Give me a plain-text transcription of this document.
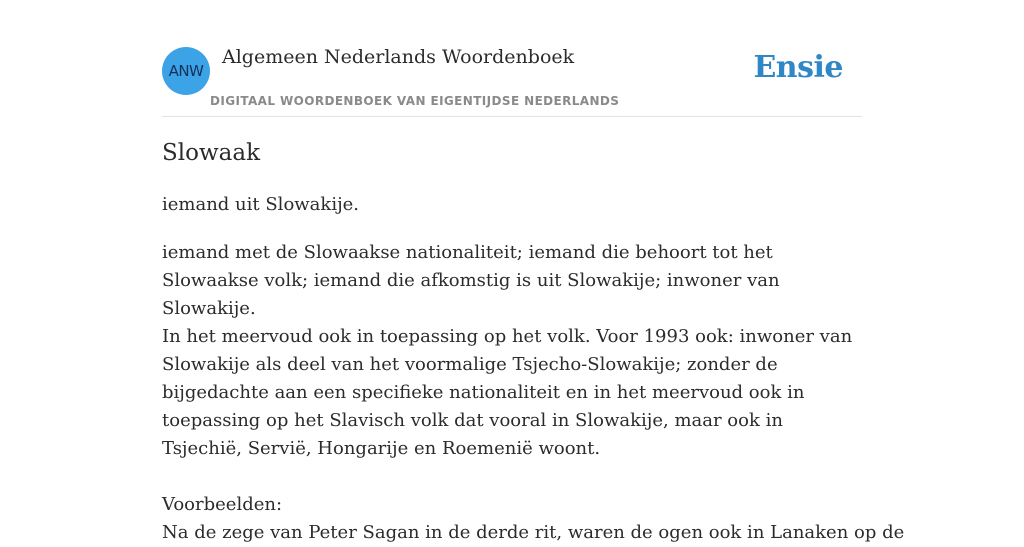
ANW
Algemeen Nederlands Woordenboek
DIGITAAL WOORDENBOEK VAN EIGENTIJDSE NEDERLANDS
Ensie
Slowaak
iemand uit Slowakije.

iemand met de Slowaakse nationaliteit; iemand die behoort tot het Slowaakse volk; iemand die afkomstig is uit Slowakije; inwoner van Slowakije.

In het meervoud ook in toepassing op het volk. Voor 1993 ook: inwoner van Slowakije als deel van het voormalige Tsjecho-Slowakije; zonder de bijgedachte aan een specifieke nationaliteit en in het meervoud ook in toepassing op het Slavisch volk dat vooral in Slowakije, maar ook in Tsjechië, Servië, Hongarije en Roemenië woont.

Voorbeelden:

Na de zege van Peter Sagan in de derde rit, waren de ogen ook in Lanaken op de
